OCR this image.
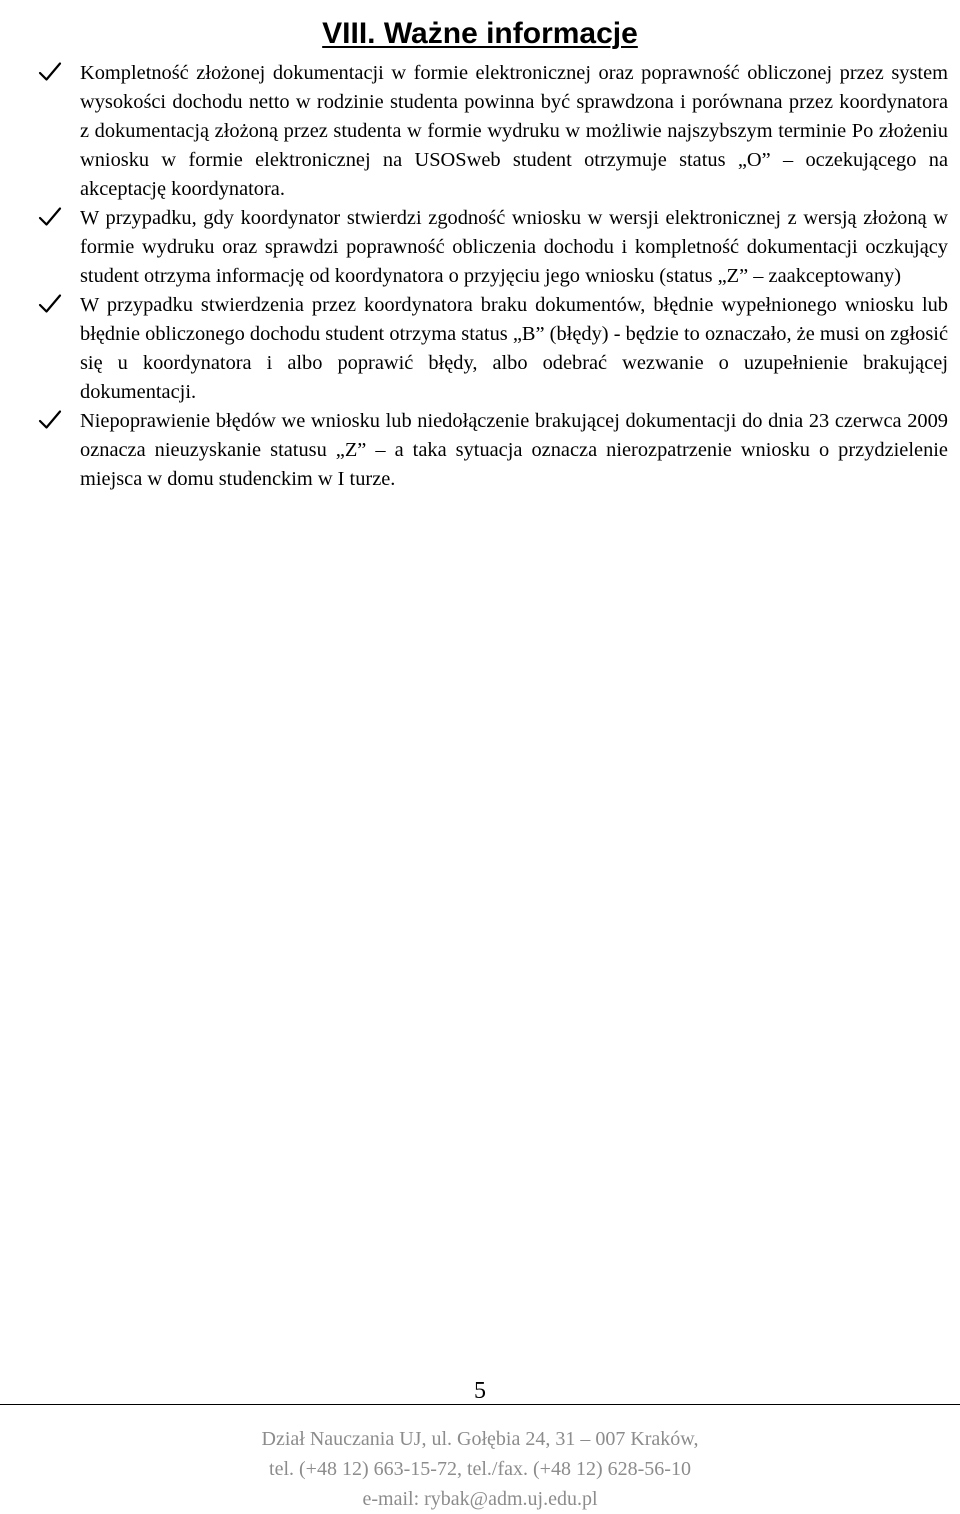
VIII. Ważne informacje
Kompletność złożonej dokumentacji w formie elektronicznej oraz poprawność obliczonej przez system wysokości dochodu netto w rodzinie studenta powinna być sprawdzona i porównana przez koordynatora z dokumentacją złożoną przez studenta w formie wydruku w możliwie najszybszym terminie Po złożeniu wniosku w formie elektronicznej na USOSweb student otrzymuje status „O” – oczekującego na akceptację koordynatora.
W przypadku, gdy koordynator stwierdzi zgodność wniosku w wersji elektronicznej z wersją złożoną w formie wydruku oraz sprawdzi poprawność obliczenia dochodu i kompletność dokumentacji oczkujący student otrzyma informację od koordynatora o przyjęciu jego wniosku (status „Z” – zaakceptowany)
W przypadku stwierdzenia przez koordynatora braku dokumentów, błędnie wypełnionego wniosku lub błędnie obliczonego dochodu student otrzyma status „B” (błędy) - będzie to oznaczało, że musi on zgłosić się u koordynatora i albo poprawić błędy, albo odebrać wezwanie o uzupełnienie brakującej dokumentacji.
Niepoprawienie błędów we wniosku lub niedołączenie brakującej dokumentacji do dnia 23 czerwca 2009 oznacza nieuzyskanie statusu „Z” – a taka sytuacja oznacza nierozpatrzenie wniosku o przydzielenie miejsca w domu studenckim w I turze.
5
Dział Nauczania UJ, ul. Gołębia 24, 31 – 007 Kraków,
tel. (+48 12) 663-15-72, tel./fax. (+48 12) 628-56-10
e-mail: rybak@adm.uj.edu.pl
